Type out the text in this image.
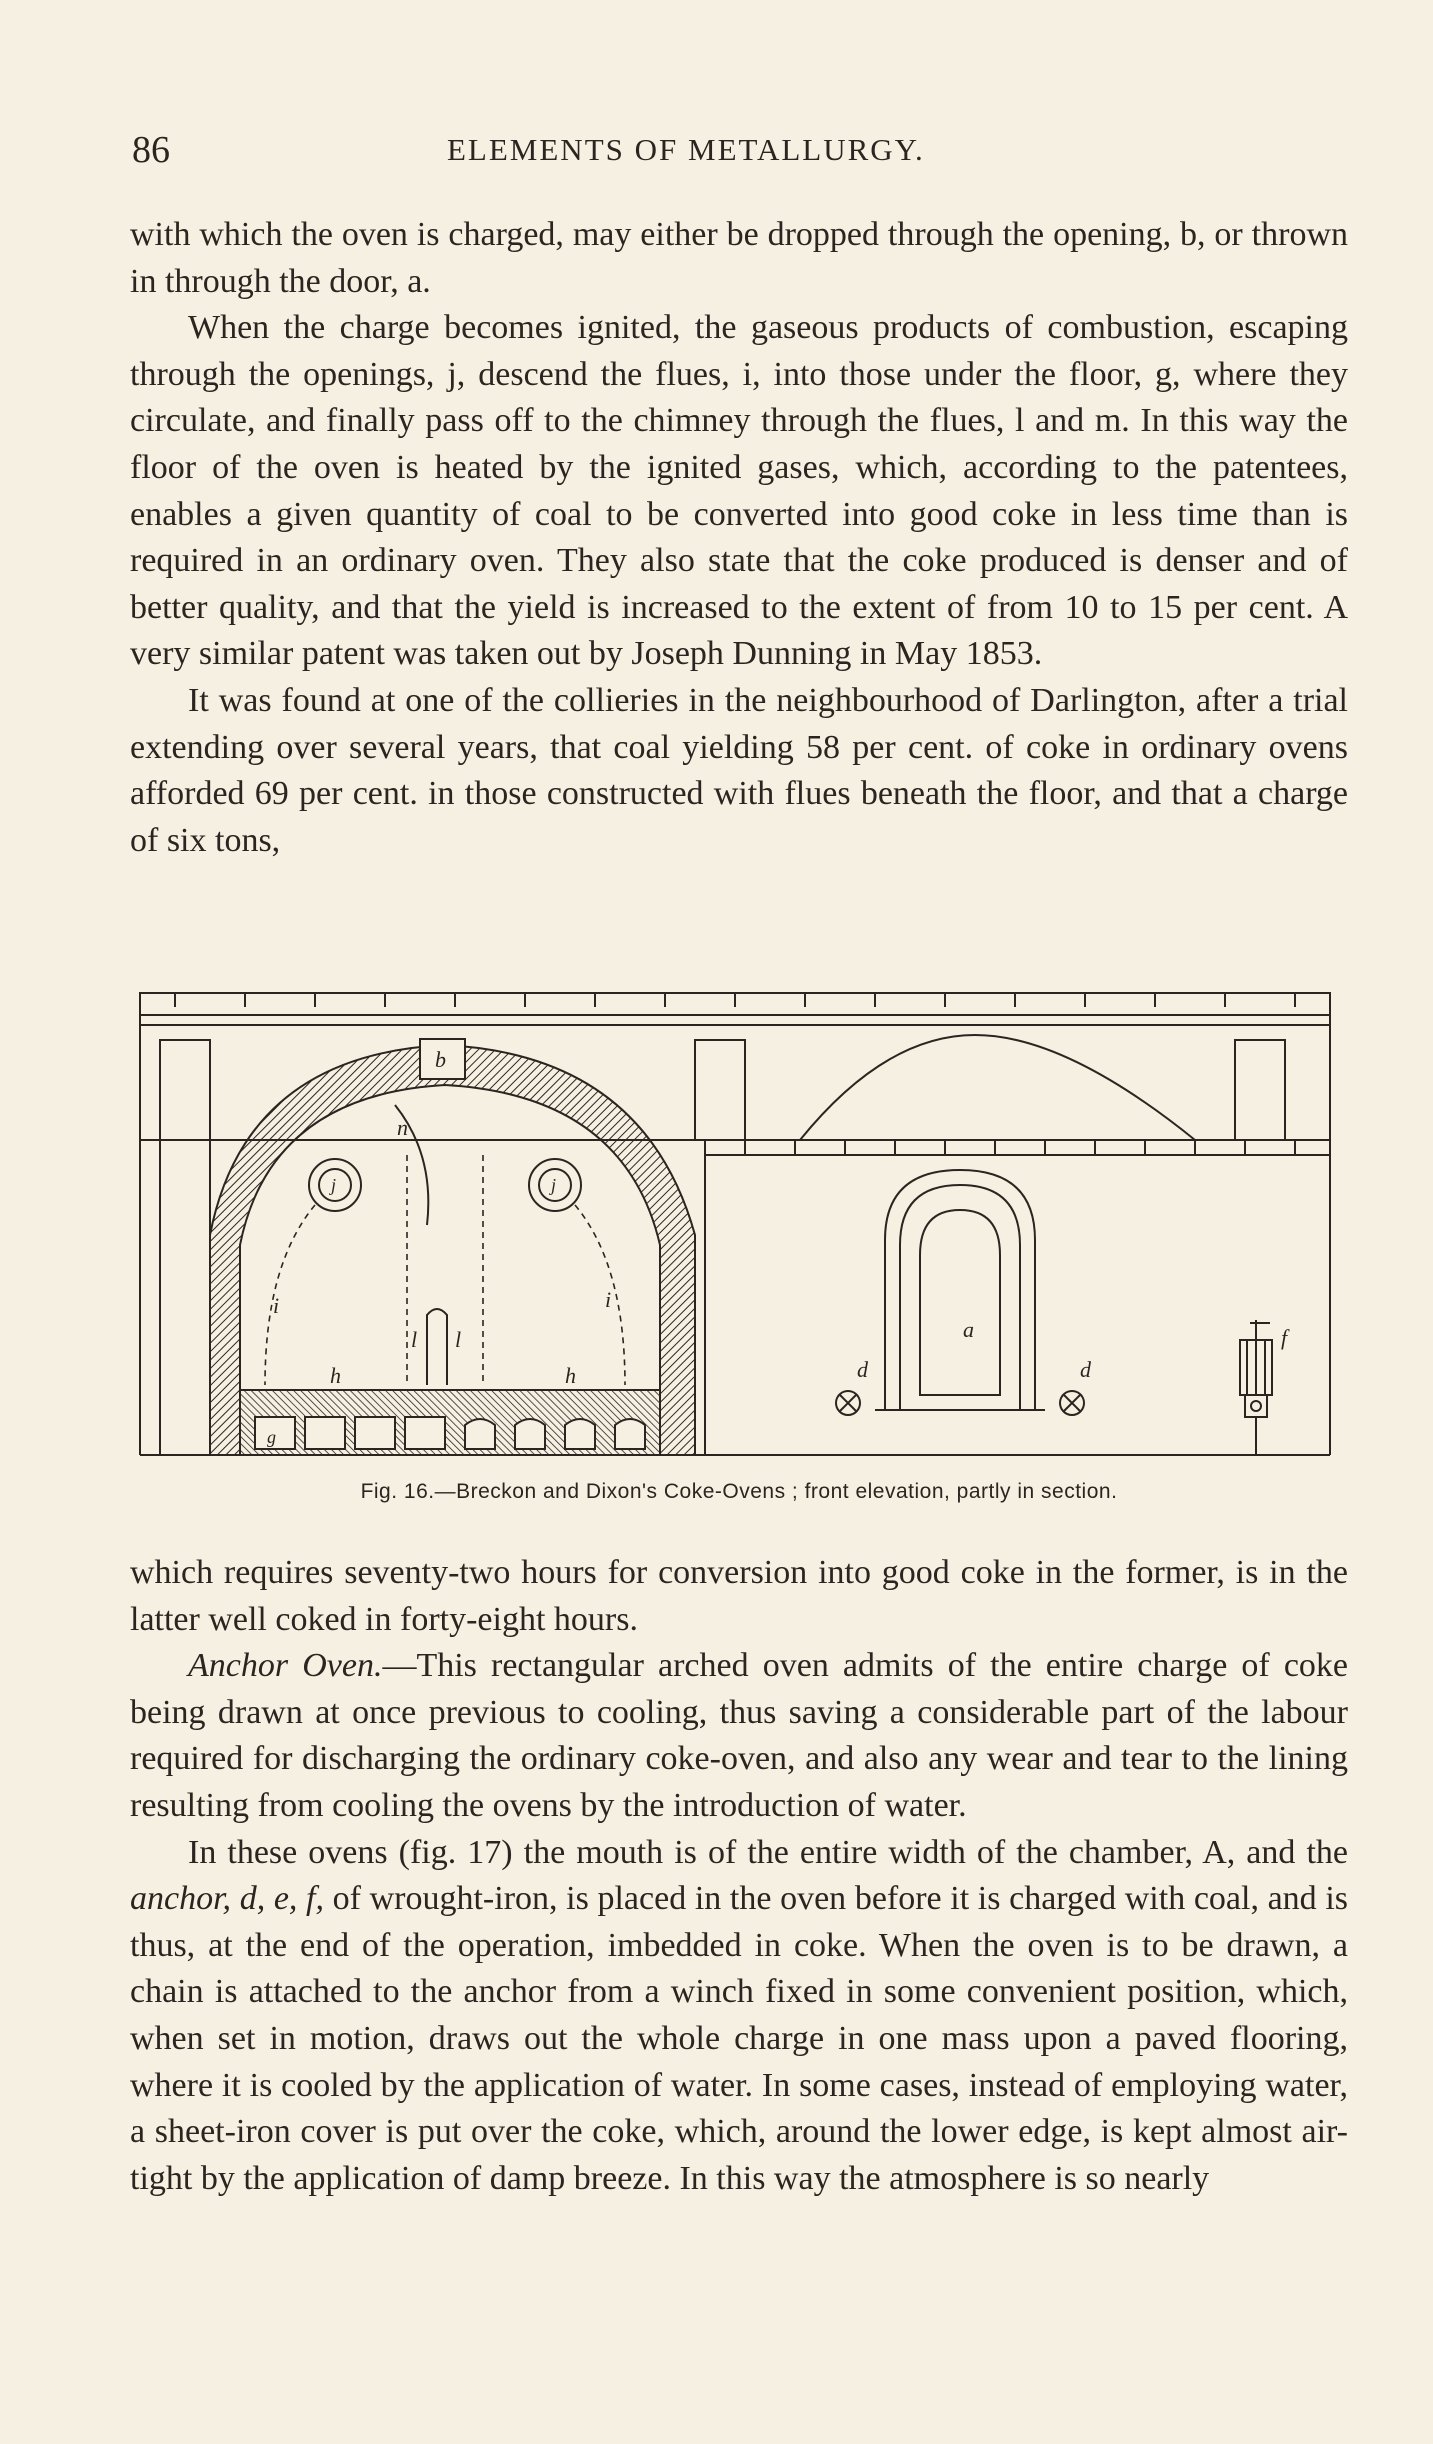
86	ELEMENTS OF METALLURGY.

with which the oven is charged, may either be dropped through the opening, b, or thrown in through the door, a.

When the charge becomes ignited, the gaseous products of combustion, escaping through the openings, j, descend the flues, i, into those under the floor, g, where they circulate, and finally pass off to the chimney through the flues, l and m. In this way the floor of the oven is heated by the ignited gases, which, according to the patentees, enables a given quantity of coal to be converted into good coke in less time than is required in an ordinary oven. They also state that the coke produced is denser and of better quality, and that the yield is increased to the extent of from 10 to 15 per cent. A very similar patent was taken out by Joseph Dunning in May 1853.

It was found at one of the collieries in the neighbourhood of Darlington, after a trial extending over several years, that coal yielding 58 per cent. of coke in ordinary ovens afforded 69 per cent. in those constructed with flues beneath the floor, and that a charge of six tons,

b
n
j	j
i	i
l l
h	h
g
a
d	d
f
Fig. 16.—Breckon and Dixon's Coke-Ovens ; front elevation, partly in section.

which requires seventy-two hours for conversion into good coke in the former, is in the latter well coked in forty-eight hours.

Anchor Oven.—This rectangular arched oven admits of the entire charge of coke being drawn at once previous to cooling, thus saving a considerable part of the labour required for discharging the ordinary coke-oven, and also any wear and tear to the lining resulting from cooling the ovens by the introduction of water.

In these ovens (fig. 17) the mouth is of the entire width of the chamber, A, and the anchor, d, e, f, of wrought-iron, is placed in the oven before it is charged with coal, and is thus, at the end of the operation, imbedded in coke. When the oven is to be drawn, a chain is attached to the anchor from a winch fixed in some convenient position, which, when set in motion, draws out the whole charge in one mass upon a paved flooring, where it is cooled by the application of water. In some cases, instead of employing water, a sheet-iron cover is put over the coke, which, around the lower edge, is kept almost air-tight by the application of damp breeze. In this way the atmosphere is so nearly
